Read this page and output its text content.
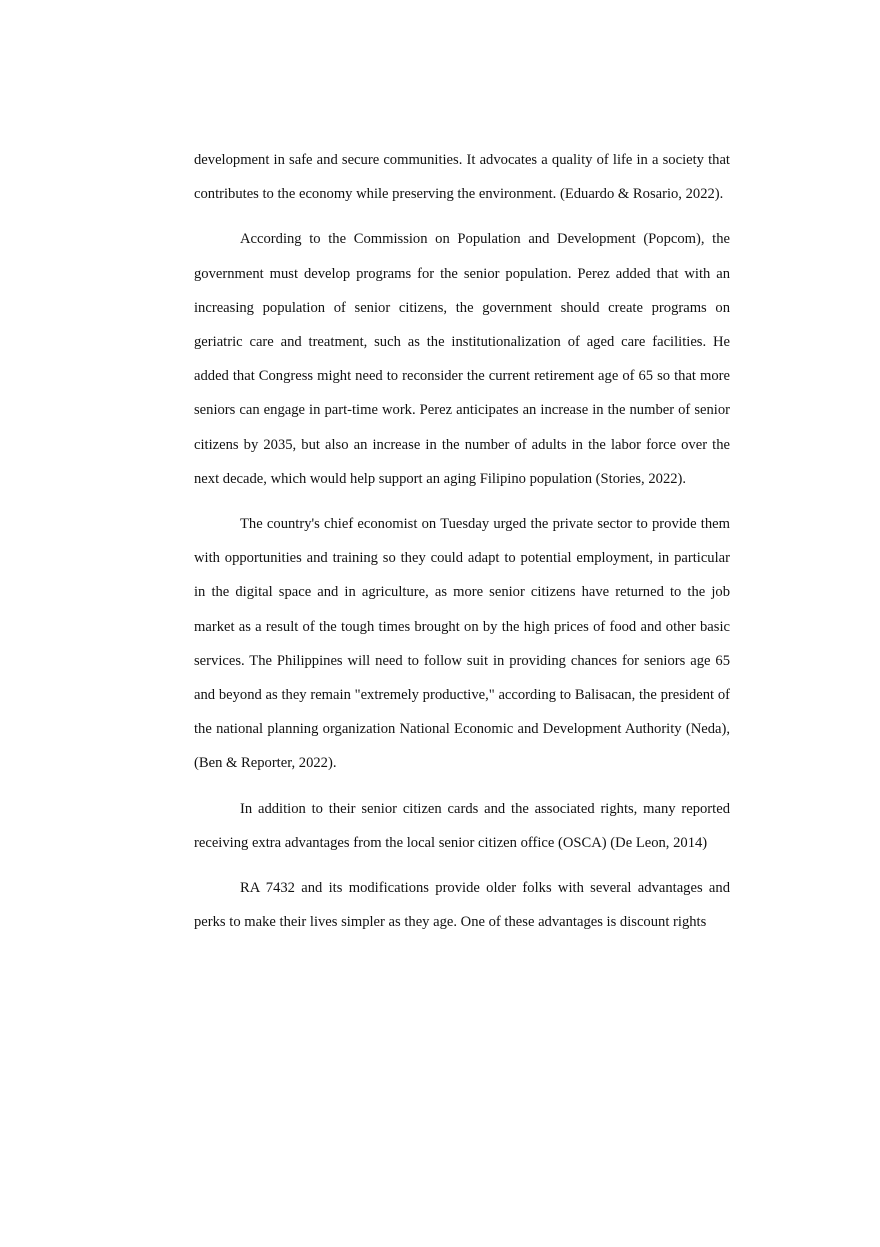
development in safe and secure communities. It advocates a quality of life in a society that contributes to the economy while preserving the environment. (Eduardo & Rosario, 2022).

According to the Commission on Population and Development (Popcom), the government must develop programs for the senior population. Perez added that with an increasing population of senior citizens, the government should create programs on geriatric care and treatment, such as the institutionalization of aged care facilities. He added that Congress might need to reconsider the current retirement age of 65 so that more seniors can engage in part-time work. Perez anticipates an increase in the number of senior citizens by 2035, but also an increase in the number of adults in the labor force over the next decade, which would help support an aging Filipino population (Stories, 2022).

The country's chief economist on Tuesday urged the private sector to provide them with opportunities and training so they could adapt to potential employment, in particular in the digital space and in agriculture, as more senior citizens have returned to the job market as a result of the tough times brought on by the high prices of food and other basic services. The Philippines will need to follow suit in providing chances for seniors age 65 and beyond as they remain "extremely productive," according to Balisacan, the president of the national planning organization National Economic and Development Authority (Neda), (Ben & Reporter, 2022).

In addition to their senior citizen cards and the associated rights, many reported receiving extra advantages from the local senior citizen office (OSCA) (De Leon, 2014)

RA 7432 and its modifications provide older folks with several advantages and perks to make their lives simpler as they age. One of these advantages is discount rights
